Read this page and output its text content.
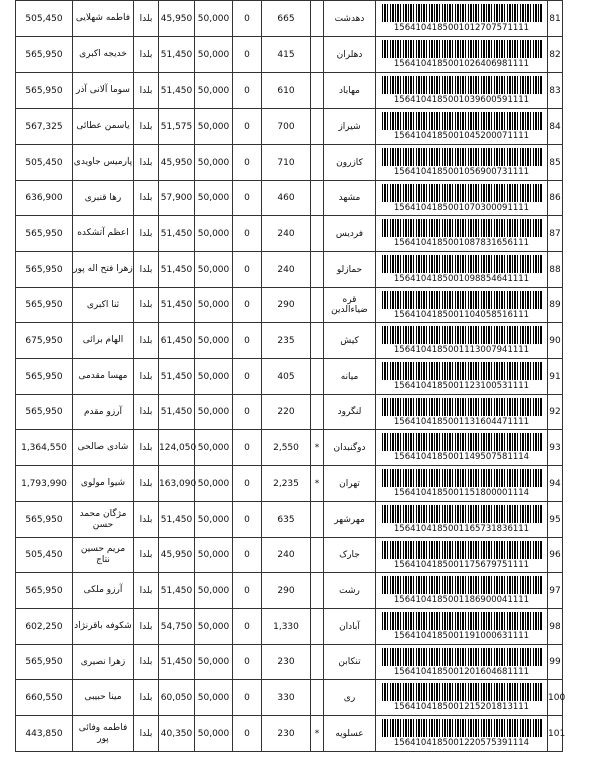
505,450	فاطمه شهلایی	بلدا	45,950	50,000	0	665		دهدشت	1564104185001012707571111	81
565,950	خدیجه اکبری	بلدا	51,450	50,000	0	415		دهلران	1564104185001026406981111	82
565,950	سوما آلانی آذر	بلدا	51,450	50,000	0	610		مهاباد	1564104185001039600591111	83
567,325	یاسمن عطائی	بلدا	51,575	50,000	0	700		شیراز	1564104185001045200071111	84
505,450	پارمیس جاویدی	بلدا	45,950	50,000	0	710		کازرون	1564104185001056900731111	85
636,900	رها قنبری	بلدا	57,900	50,000	0	460		مشهد	1564104185001070300091111	86
565,950	اعظم آتشکده	بلدا	51,450	50,000	0	240		فردیس	1564104185001087831656111	87
565,950	زهرا فتح اله پور	بلدا	51,450	50,000	0	240		حمازلو	1564104185001098854641111	88
565,950	ثنا اکبری	بلدا	51,450	50,000	0	290		قره ضیاءالدین	1564104185001104058516111	89
675,950	الهام برائی	بلدا	61,450	50,000	0	235		کیش	1564104185001113007941111	90
565,950	مهسا مقدمی	بلدا	51,450	50,000	0	405		میانه	1564104185001123100531111	91
565,950	آرزو مقدم	بلدا	51,450	50,000	0	220		لنگرود	1564104185001131604471111	92
1,364,550	شادی صالحی	بلدا	124,050	50,000	0	2,550	*	دوگنبدان	1564104185001149507581114	93
1,793,990	شیوا مولوی	بلدا	163,090	50,000	0	2,235	*	تهران	1564104185001151800001114	94
565,950	مژگان محمد حسن	بلدا	51,450	50,000	0	635		مهرشهر	1564104185001165731836111	95
505,450	مریم حسین نتاج	بلدا	45,950	50,000	0	240		جارک	1564104185001175679751111	96
565,950	آرزو ملکی	بلدا	51,450	50,000	0	290		رشت	1564104185001186900041111	97
602,250	شکوفه باقرنژاد	بلدا	54,750	50,000	0	1,330		آبادان	1564104185001191000631111	98
565,950	زهرا نصیری	بلدا	51,450	50,000	0	230		تنکابن	1564104185001201604681111	99
660,550	مینا حبیبی	بلدا	60,050	50,000	0	330		ری	1564104185001215201813111	100
443,850	فاطمه وفائی پور	بلدا	40,350	50,000	0	230	*	عسلویه	1564104185001220575391114	101
